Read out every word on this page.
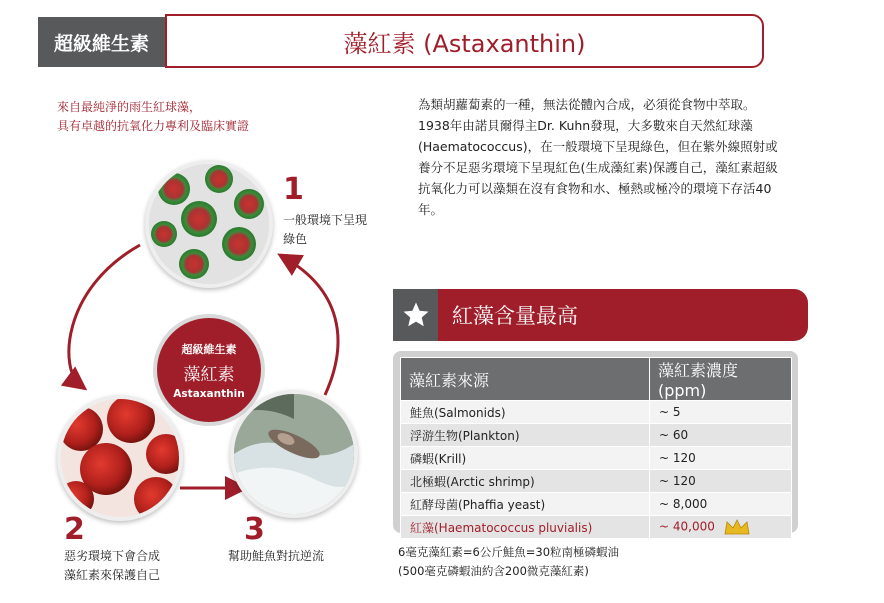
超級維生素	藻紅素 (Astaxanthin)
來自最純淨的雨生紅球藻，
具有卓越的抗氧化力專利及臨床實證
為類胡蘿蔔素的一種，無法從體內合成，必須從食物中萃取。1938年由諾貝爾得主Dr. Kuhn發現，大多數來自天然紅球藻(Haematococcus)，在一般環境下呈現綠色，但在紫外線照射或養分不足惡劣環境下呈現紅色(生成藻紅素)保護自己，藻紅素超級抗氧化力可以藻類在沒有食物和水、極熱或極冷的環境下存活40年。
1
一般環境下呈現
綠色
超級維生素
藻紅素
Astaxanthin
2
惡劣環境下會合成
藻紅素來保護自己
3
幫助鮭魚對抗逆流
紅藻含量最高
藻紅素來源	藻紅素濃度(ppm)
鮭魚(Salmonids)	~ 5
浮游生物(Plankton)	~ 60
磷蝦(Krill)	~ 120
北極蝦(Arctic shrimp)	~ 120
紅酵母菌(Phaffia yeast)	~ 8,000
紅藻(Haematococcus pluvialis)	~ 40,000
6毫克藻紅素=6公斤鮭魚=30粒南極磷蝦油
(500毫克磷蝦油約含200微克藻紅素)
